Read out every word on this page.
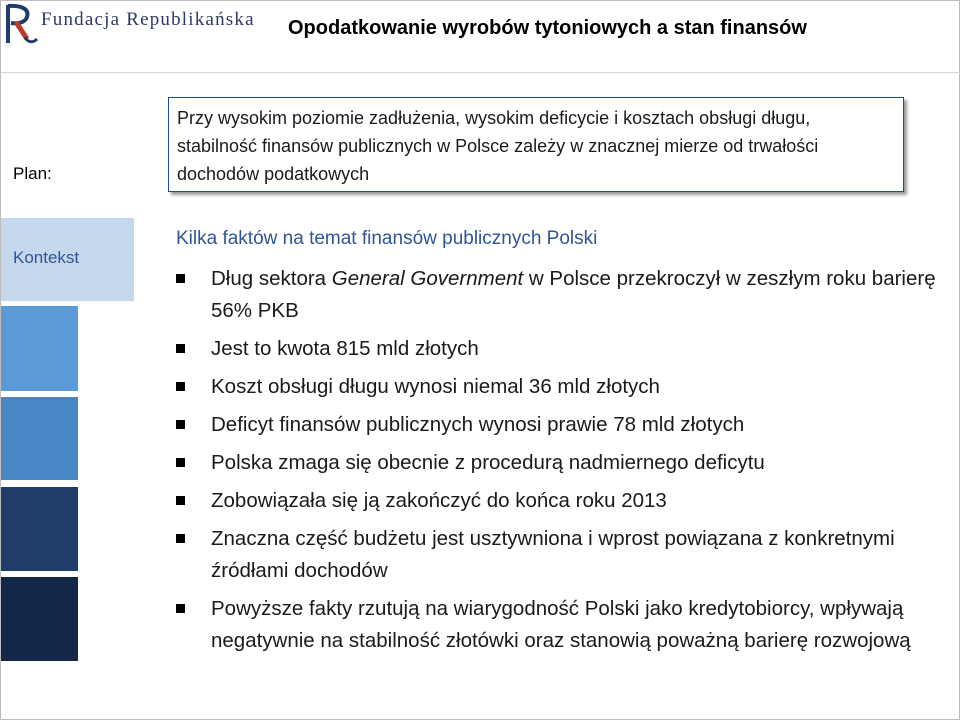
Fundacja Republikańska Opodatkowanie wyrobów tytoniowych a stan finansów
Plan:
Przy wysokim poziomie zadłużenia, wysokim deficycie i kosztach obsługi długu, stabilność finansów publicznych w Polsce zależy w znacznej mierze od trwałości dochodów podatkowych
Kontekst
Kilka faktów na temat finansów publicznych Polski
Dług sektora General Government w Polsce przekroczył w zeszłym roku barierę 56% PKB
Jest to kwota 815 mld złotych
Koszt obsługi długu wynosi niemal 36 mld złotych
Deficyt finansów publicznych wynosi prawie 78 mld złotych
Polska zmaga się obecnie z procedurą nadmiernego deficytu
Zobowiązała się ją zakończyć do końca roku 2013
Znaczna część budżetu jest usztywniona i wprost powiązana z konkretnymi źródłami dochodów
Powyższe fakty rzutują na wiarygodność Polski jako kredytobiorcy, wpływają negatywnie na stabilność złotówki oraz stanowią poważną barierę rozwojową
